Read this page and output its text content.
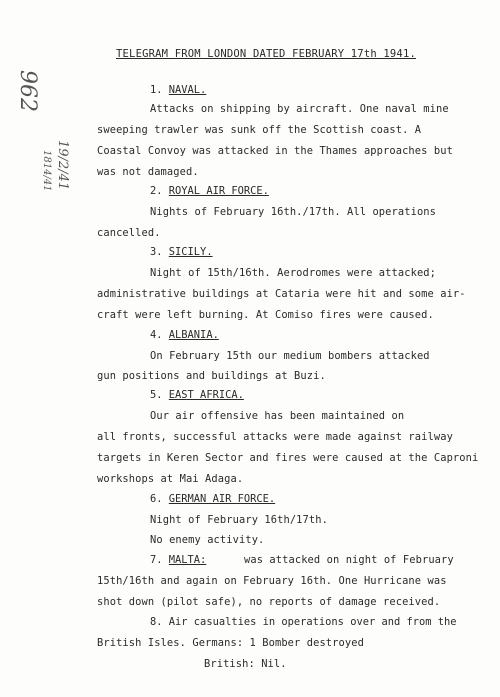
TELEGRAM FROM LONDON DATED FEBRUARY 17th 1941.
962
19/2/41
1814/41
1. NAVAL.
Attacks on shipping by aircraft. One naval mine
sweeping trawler was sunk off the Scottish coast. A
Coastal Convoy was attacked in the Thames approaches but
was not damaged.
2. ROYAL AIR FORCE.
Nights of February 16th./17th. All operations
cancelled.
3. SICILY.
Night of 15th/16th. Aerodromes were attacked;
administrative buildings at Cataria were hit and some air-
craft were left burning. At Comiso fires were caused.
4. ALBANIA.
On February 15th our medium bombers attacked
gun positions and buildings at Buzi.
5. EAST AFRICA.
Our air offensive has been maintained on
all fronts, successful attacks were made against railway
targets in Keren Sector and fires were caused at the Caproni
workshops at Mai Adaga.
6. GERMAN AIR FORCE.
Night of February 16th/17th.
No enemy activity.
7. MALTA:	was attacked on night of February
15th/16th and again on February 16th. One Hurricane was
shot down (pilot safe), no reports of damage received.
8. Air casualties in operations over and from the
British Isles. Germans: 1 Bomber destroyed
British: Nil.
